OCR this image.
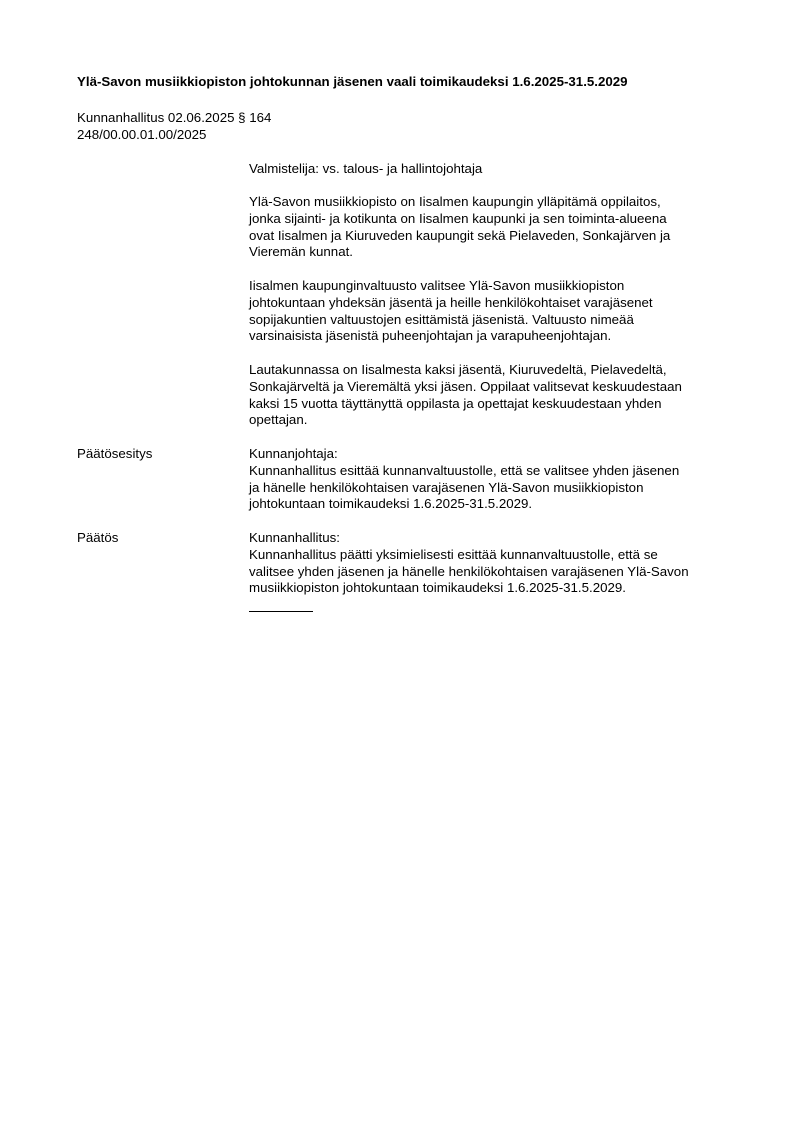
Ylä-Savon musiikkiopiston johtokunnan jäsenen vaali toimikaudeksi 1.6.2025-31.5.2029
Kunnanhallitus 02.06.2025 § 164
248/00.00.01.00/2025
Valmistelija: vs. talous- ja hallintojohtaja
Ylä-Savon musiikkiopisto on Iisalmen kaupungin ylläpitämä oppilaitos,
jonka sijainti- ja kotikunta on Iisalmen kaupunki ja sen toiminta-alueena
ovat Iisalmen ja Kiuruveden kaupungit sekä Pielaveden, Sonkajärven ja
Vieremän kunnat.
Iisalmen kaupunginvaltuusto valitsee Ylä-Savon musiikkiopiston
johtokuntaan yhdeksän jäsentä ja heille henkilökohtaiset varajäsenet
sopijakuntien valtuustojen esittämistä jäsenistä. Valtuusto nimeää
varsinaisista jäsenistä puheenjohtajan ja varapuheenjohtajan.
Lautakunnassa on Iisalmesta kaksi jäsentä, Kiuruvedeltä, Pielavedeltä,
Sonkajärveltä ja Vieremältä yksi jäsen. Oppilaat valitsevat keskuudestaan
kaksi 15 vuotta täyttänyttä oppilasta ja opettajat keskuudestaan yhden
opettajan.
Päätösesitys	Kunnanjohtaja:
Kunnanhallitus esittää kunnanvaltuustolle, että se valitsee yhden jäsenen
ja hänelle henkilökohtaisen varajäsenen Ylä-Savon musiikkiopiston
johtokuntaan toimikaudeksi 1.6.2025-31.5.2029.
Päätös	Kunnanhallitus:
Kunnanhallitus päätti yksimielisesti esittää kunnanvaltuustolle, että se
valitsee yhden jäsenen ja hänelle henkilökohtaisen varajäsenen Ylä-Savon
musiikkiopiston johtokuntaan toimikaudeksi 1.6.2025-31.5.2029.
